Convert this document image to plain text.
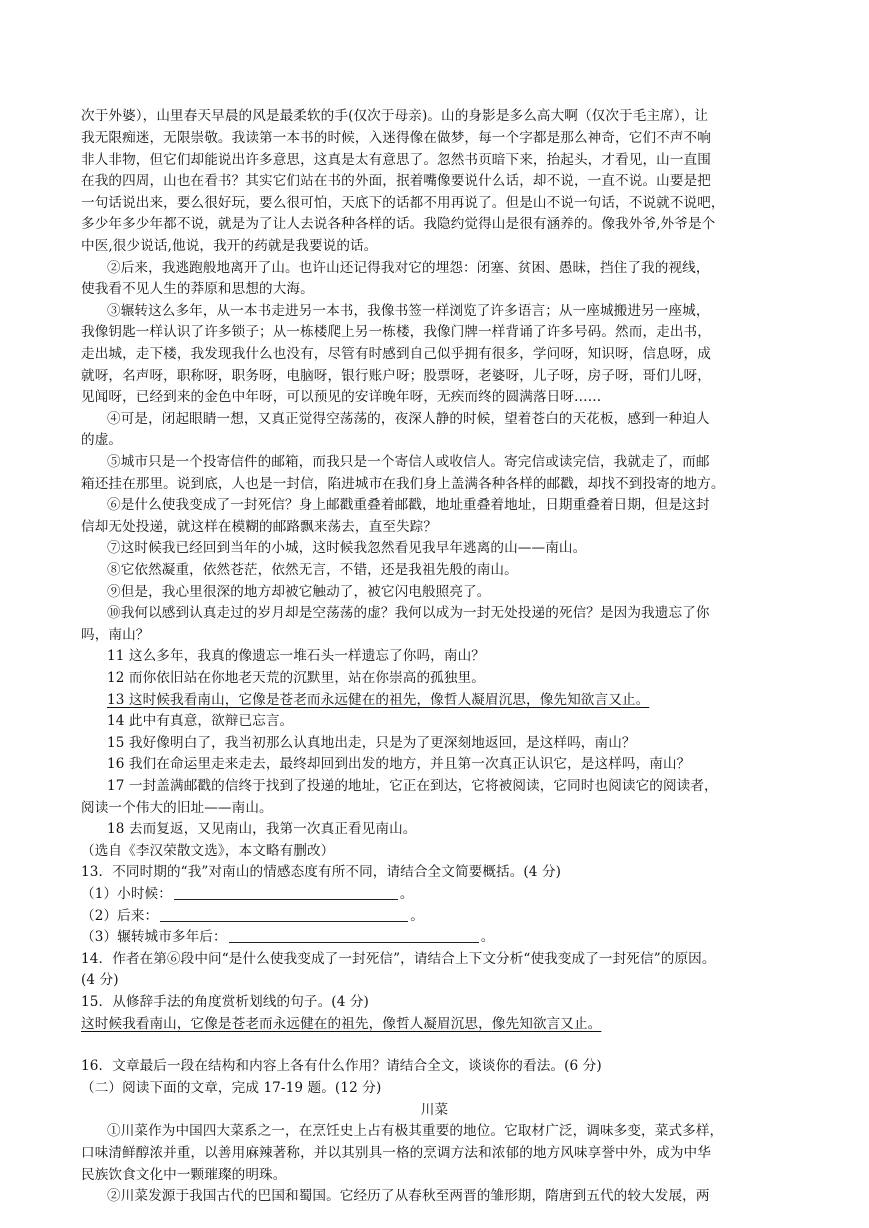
次于外婆），山里春天早晨的风是最柔软的手(仅次于母亲)。山的身影是多么高大啊（仅次于毛主席），让
我无限痴迷，无限崇敬。我读第一本书的时候，入迷得像在做梦，每一个字都是那么神奇，它们不声不响
非人非物，但它们却能说出许多意思，这真是太有意思了。忽然书页暗下来，抬起头，才看见，山一直围
在我的四周，山也在看书？其实它们站在书的外面，抿着嘴像要说什么话，却不说，一直不说。山要是把
一句话说出来，要么很好玩，要么很可怕，天底下的话都不用再说了。但是山不说一句话，不说就不说吧，
多少年多少年都不说，就是为了让人去说各种各样的话。我隐约觉得山是很有涵养的。像我外爷,外爷是个
中医,很少说话,他说，我开的药就是我要说的话。
②后来，我逃跑般地离开了山。也许山还记得我对它的埋怨：闭塞、贫困、愚昧，挡住了我的视线，
使我看不见人生的莽原和思想的大海。
③辗转这么多年，从一本书走进另一本书，我像书签一样浏览了许多语言；从一座城搬进另一座城，
我像钥匙一样认识了许多锁子；从一栋楼爬上另一栋楼，我像门牌一样背诵了许多号码。然而，走出书，
走出城，走下楼，我发现我什么也没有，尽管有时感到自己似乎拥有很多，学问呀，知识呀，信息呀，成
就呀，名声呀，职称呀，职务呀，电脑呀，银行账户呀；股票呀，老婆呀，儿子呀，房子呀，哥们儿呀，
见闻呀，已经到来的金色中年呀，可以预见的安详晚年呀，无疾而终的圆满落日呀……
④可是，闭起眼睛一想，又真正觉得空荡荡的，夜深人静的时候，望着苍白的天花板，感到一种迫人
的虚。
⑤城市只是一个投寄信件的邮箱，而我只是一个寄信人或收信人。寄完信或读完信，我就走了，而邮
箱还挂在那里。说到底，人也是一封信，陷进城市在我们身上盖满各种各样的邮戳，却找不到投寄的地方。
⑥是什么使我变成了一封死信？身上邮戳重叠着邮戳，地址重叠着地址，日期重叠着日期，但是这封
信却无处投递，就这样在模糊的邮路飘来荡去，直至失踪？
⑦这时候我已经回到当年的小城，这时候我忽然看见我早年逃离的山——南山。
⑧它依然凝重，依然苍茫，依然无言，不错，还是我祖先般的南山。
⑨但是，我心里很深的地方却被它触动了，被它闪电般照亮了。
⑩我何以感到认真走过的岁月却是空荡荡的虚？我何以成为一封无处投递的死信？是因为我遗忘了你
吗，南山？
11 这么多年，我真的像遗忘一堆石头一样遗忘了你吗，南山？
12 而你依旧站在你地老天荒的沉默里，站在你崇高的孤独里。
13 这时候我看南山，它像是苍老而永远健在的祖先，像哲人凝眉沉思，像先知欲言又止。
14 此中有真意，欲辩已忘言。
15 我好像明白了，我当初那么认真地出走，只是为了更深刻地返回，是这样吗，南山？
16 我们在命运里走来走去，最终却回到出发的地方，并且第一次真正认识它，是这样吗，南山？
17 一封盖满邮戳的信终于找到了投递的地址，它正在到达，它将被阅读，它同时也阅读它的阅读者，
阅读一个伟大的旧址——南山。
18 去而复返，又见南山，我第一次真正看见南山。
（选自《李汉荣散文选》，本文略有删改）
13．不同时期的“我”对南山的情感态度有所不同，请结合全文简要概括。(4 分)
（1）小时候：	。
（2）后来：	。
（3）辗转城市多年后：	。
14．作者在第⑥段中问“是什么使我变成了一封死信”，请结合上下文分析“使我变成了一封死信”的原因。
(4 分)
15．从修辞手法的角度赏析划线的句子。(4 分)
这时候我看南山，它像是苍老而永远健在的祖先，像哲人凝眉沉思，像先知欲言又止。
16．文章最后一段在结构和内容上各有什么作用？请结合全文，谈谈你的看法。(6 分)
（二）阅读下面的文章，完成 17-19 题。(12 分)
川菜
①川菜作为中国四大菜系之一，在烹饪史上占有极其重要的地位。它取材广泛，调味多变，菜式多样，
口味清鲜醇浓并重，以善用麻辣著称，并以其别具一格的烹调方法和浓郁的地方风味享誉中外，成为中华
民族饮食文化中一颗璀璨的明珠。
②川菜发源于我国古代的巴国和蜀国。它经历了从春秋至两晋的雏形期，隋唐到五代的较大发展，两
